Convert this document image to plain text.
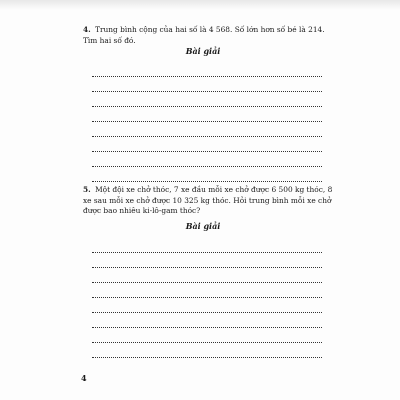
4. Trung bình cộng của hai số là 4 568. Số lớn hơn số bé là 214. Tìm hai số đó.
Bài giải
5. Một đội xe chở thóc, 7 xe đầu mỗi xe chở được 6 500 kg thóc, 8 xe sau mỗi xe chở được 10 325 kg thóc. Hỏi trung bình mỗi xe chở được bao nhiêu ki-lô-gam thóc?
Bài giải
4
